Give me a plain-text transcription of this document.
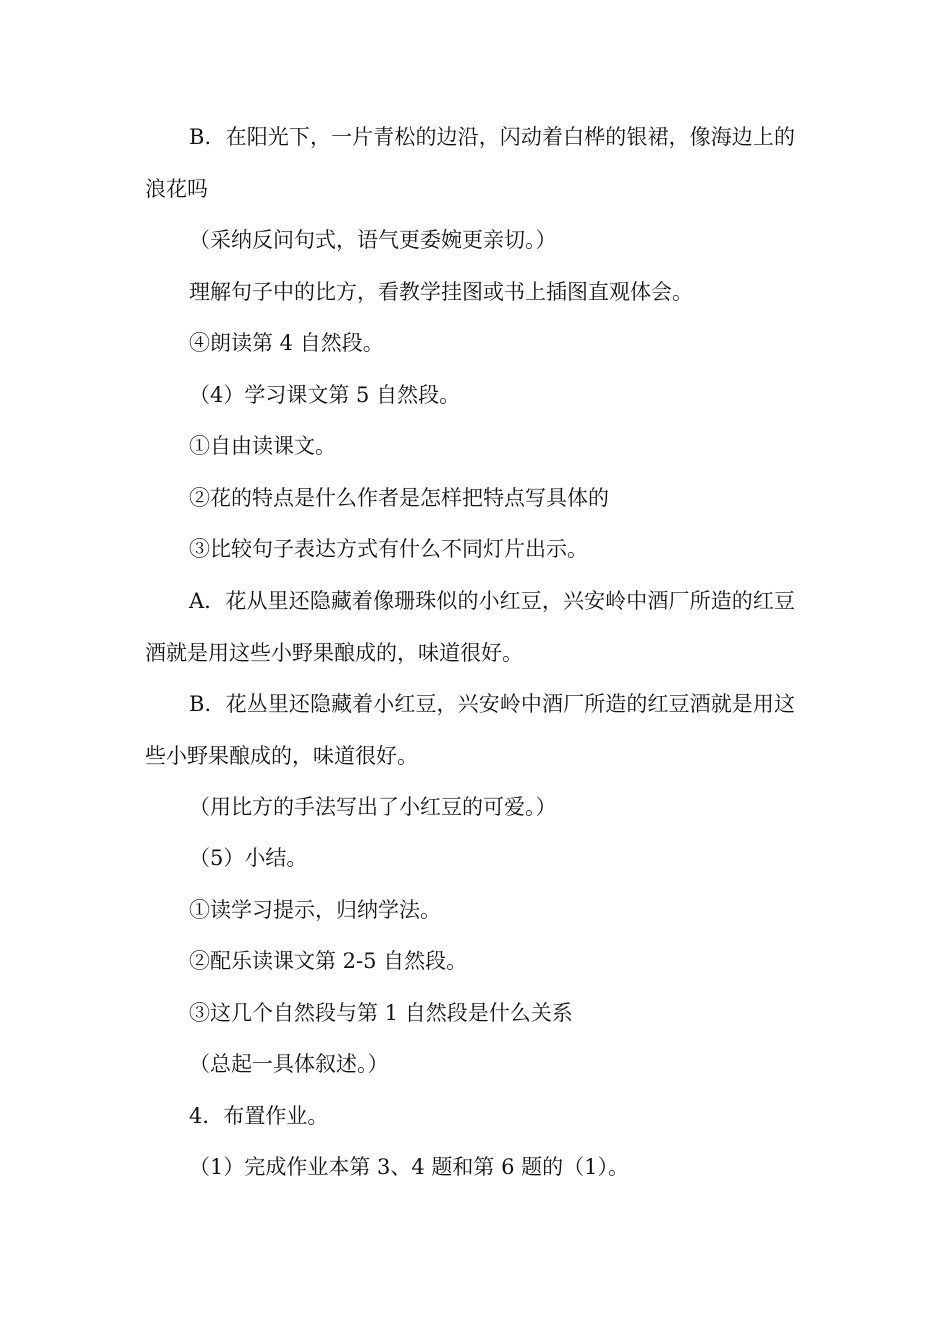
B．在阳光下，一片青松的边沿，闪动着白桦的银裙，像海边上的浪花吗

（采纳反问句式，语气更委婉更亲切。）

理解句子中的比方，看教学挂图或书上插图直观体会。

④朗读第 4 自然段。

（4）学习课文第 5 自然段。

①自由读课文。

②花的特点是什么作者是怎样把特点写具体的

③比较句子表达方式有什么不同灯片出示。

A．花从里还隐藏着像珊珠似的小红豆，兴安岭中酒厂所造的红豆酒就是用这些小野果酿成的，味道很好。

B．花丛里还隐藏着小红豆，兴安岭中酒厂所造的红豆酒就是用这些小野果酿成的，味道很好。

（用比方的手法写出了小红豆的可爱。）

（5）小结。

①读学习提示，归纳学法。

②配乐读课文第 2-5 自然段。

③这几个自然段与第 1 自然段是什么关系

（总起一具体叙述。）

4．布置作业。

（1）完成作业本第 3、4 题和第 6 题的（1）。
